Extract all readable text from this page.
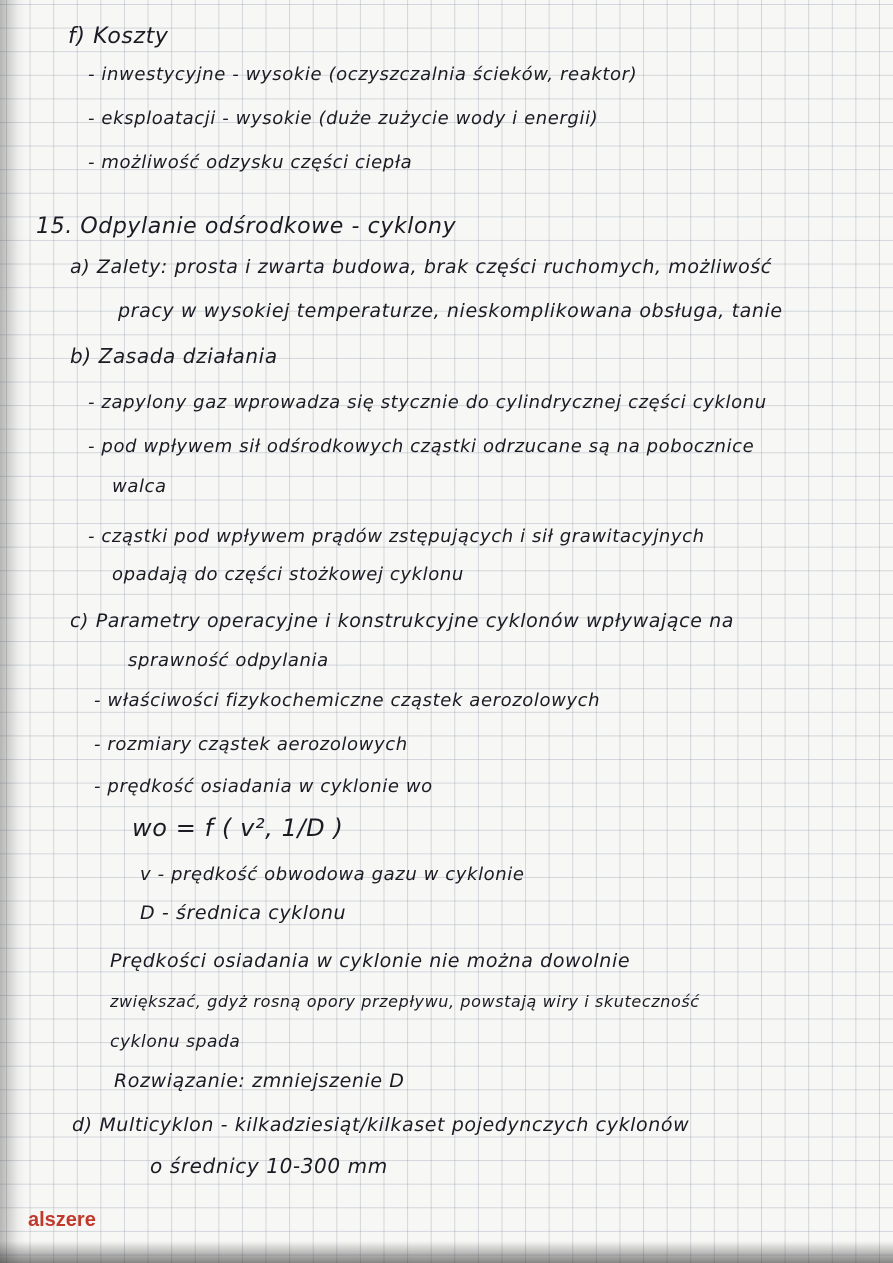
f) Koszty
- inwestycyjne - wysokie (oczyszczalnia ścieków, reaktor)
- eksploatacji - wysokie (duże zużycie wody i energii)
- możliwość odzysku części ciepła
15. Odpylanie odśrodkowe - cyklony
a) Zalety: prosta i zwarta budowa, brak części ruchomych, możliwość
pracy w wysokiej temperaturze, nieskomplikowana obsługa, tanie
b) Zasada działania
- zapylony gaz wprowadza się stycznie do cylindrycznej części cyklonu
- pod wpływem sił odśrodkowych cząstki odrzucane są na pobocznice
walca
- cząstki pod wpływem prądów zstępujących i sił grawitacyjnych
opadają do części stożkowej cyklonu
c) Parametry operacyjne i konstrukcyjne cyklonów wpływające na
sprawność odpylania
- właściwości fizykochemiczne cząstek aerozolowych
- rozmiary cząstek aerozolowych
- prędkość osiadania w cyklonie wo
wo = f ( v², 1/D )
v - prędkość obwodowa gazu w cyklonie
D - średnica cyklonu
Prędkości osiadania w cyklonie nie można dowolnie
zwiększać, gdyż rosną opory przepływu, powstają wiry i skuteczność
cyklonu spada
Rozwiązanie: zmniejszenie D
d) Multicyklon - kilkadziesiąt/kilkaset pojedynczych cyklonów
o średnicy 10-300 mm
alszere
